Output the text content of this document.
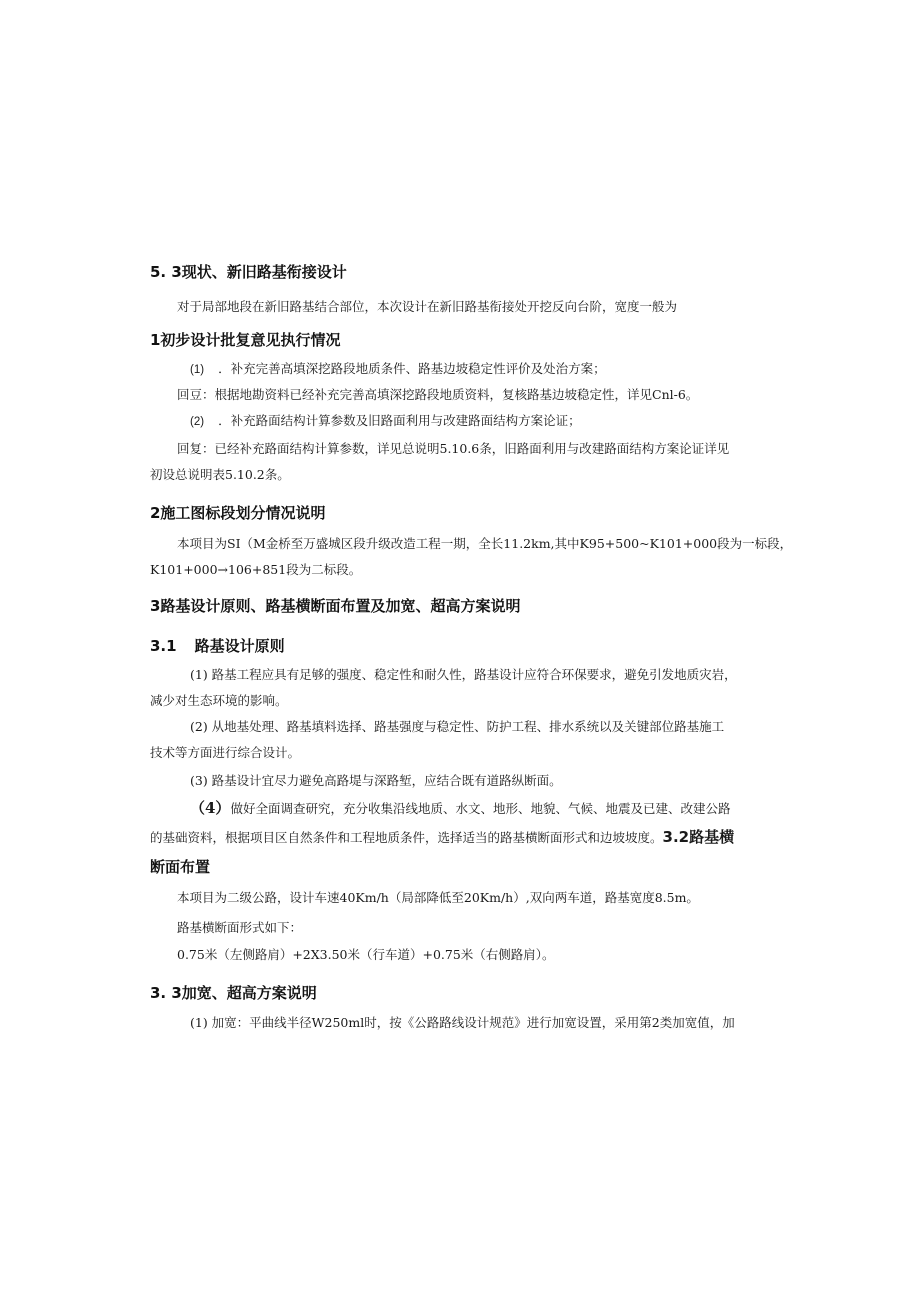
5. 3现状、新旧路基衔接设计
对于局部地段在新旧路基结合部位，本次设计在新旧路基衔接处开挖反向台阶，宽度一般为
1初步设计批复意见执行情况
(1) ．补充完善高填深挖路段地质条件、路基边坡稳定性评价及处治方案；
回豆：根据地勘资料已经补充完善高填深挖路段地质资料，复核路基边坡稳定性，详见Cnl-6。
(2) ．补充路面结构计算参数及旧路面利用与改建路面结构方案论证；
回复：已经补充路面结构计算参数，详见总说明5.10.6条，旧路面利用与改建路面结构方案论证详见
初设总说明表5.10.2条。
2施工图标段划分情况说明
本项目为SI（M金桥至万盛城区段升级改造工程一期，全长11.2km,其中K95+500~K101+000段为一标段，
K101+000→106+851段为二标段。
3路基设计原则、路基横断面布置及加宽、超高方案说明
3.1 路基设计原则
(1) 路基工程应具有足够的强度、稳定性和耐久性，路基设计应符合环保要求，避免引发地质灾岩，
减少对生态环境的影响。
(2) 从地基处理、路基填料选择、路基强度与稳定性、防护工程、排水系统以及关键部位路基施工
技术等方面进行综合设计。
(3) 路基设计宜尽力避免高路堤与深路堑，应结合既有道路纵断面。
（4）做好全面调查研究，充分收集沿线地质、水文、地形、地貌、气候、地震及已建、改建公路
的基础资料，根据项目区自然条件和工程地质条件，选择适当的路基横断面形式和边坡坡度。3.2路基横
断面布置
本项目为二级公路，设计车速40Km/h（局部降低至20Km/h）,双向两车道，路基宽度8.5m。
路基横断面形式如下：
0.75米（左侧路肩）+2X3.50米（行车道）+0.75米（右侧路肩）。
3. 3加宽、超高方案说明
(1) 加宽：平曲线半径W250ml时，按《公路路线设计规范》进行加宽设置，采用第2类加宽值，加
